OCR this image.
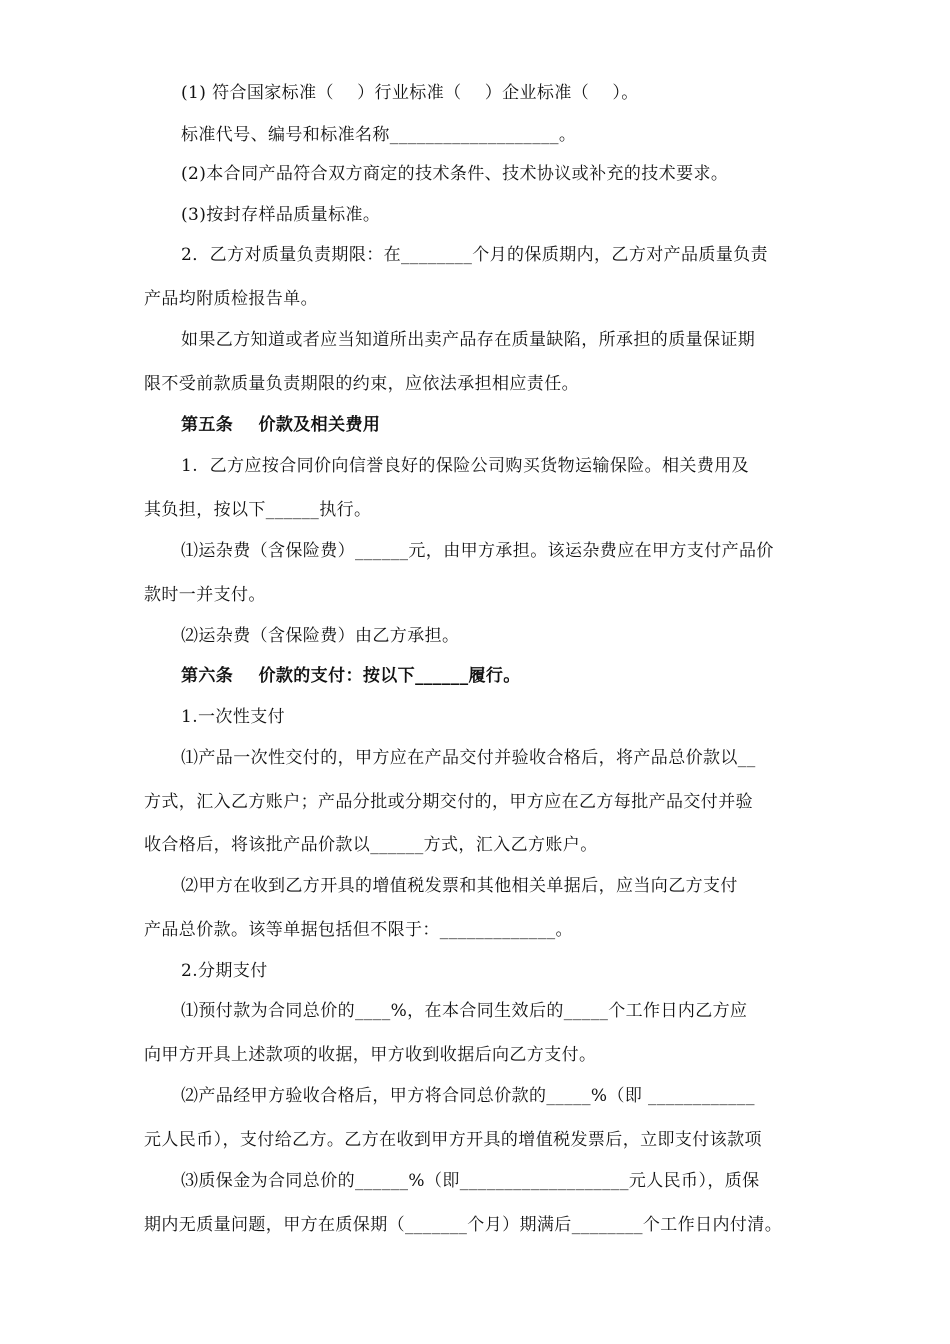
(1) 符合国家标准（    ）行业标准（    ）企业标准（    ）。
标准代号、编号和标准名称___________________。
(2)本合同产品符合双方商定的技术条件、技术协议或补充的技术要求。
(3)按封存样品质量标准。
2．乙方对质量负责期限：在________个月的保质期内，乙方对产品质量负责
产品均附质检报告单。
如果乙方知道或者应当知道所出卖产品存在质量缺陷，所承担的质量保证期
限不受前款质量负责期限的约束，应依法承担相应责任。
第五条    价款及相关费用
1.  乙方应按合同价向信誉良好的保险公司购买货物运输保险。相关费用及
其负担，按以下______执行。
⑴运杂费（含保险费）______元，由甲方承担。该运杂费应在甲方支付产品价
款时一并支付。
⑵运杂费（含保险费）由乙方承担。
第六条    价款的支付：按以下______履行。
1.一次性支付
⑴产品一次性交付的，甲方应在产品交付并验收合格后，将产品总价款以__
方式，汇入乙方账户；产品分批或分期交付的，甲方应在乙方每批产品交付并验
收合格后，将该批产品价款以______方式，汇入乙方账户。
⑵甲方在收到乙方开具的增值税发票和其他相关单据后，应当向乙方支付
产品总价款。该等单据包括但不限于：_____________。
2.分期支付
⑴预付款为合同总价的____%，在本合同生效后的_____个工作日内乙方应
向甲方开具上述款项的收据，甲方收到收据后向乙方支付。
⑵产品经甲方验收合格后，甲方将合同总价款的_____%（即 ____________
元人民币），支付给乙方。乙方在收到甲方开具的增值税发票后，立即支付该款项
⑶质保金为合同总价的______%（即___________________元人民币），质保
期内无质量问题，甲方在质保期（_______个月）期满后________个工作日内付清。
